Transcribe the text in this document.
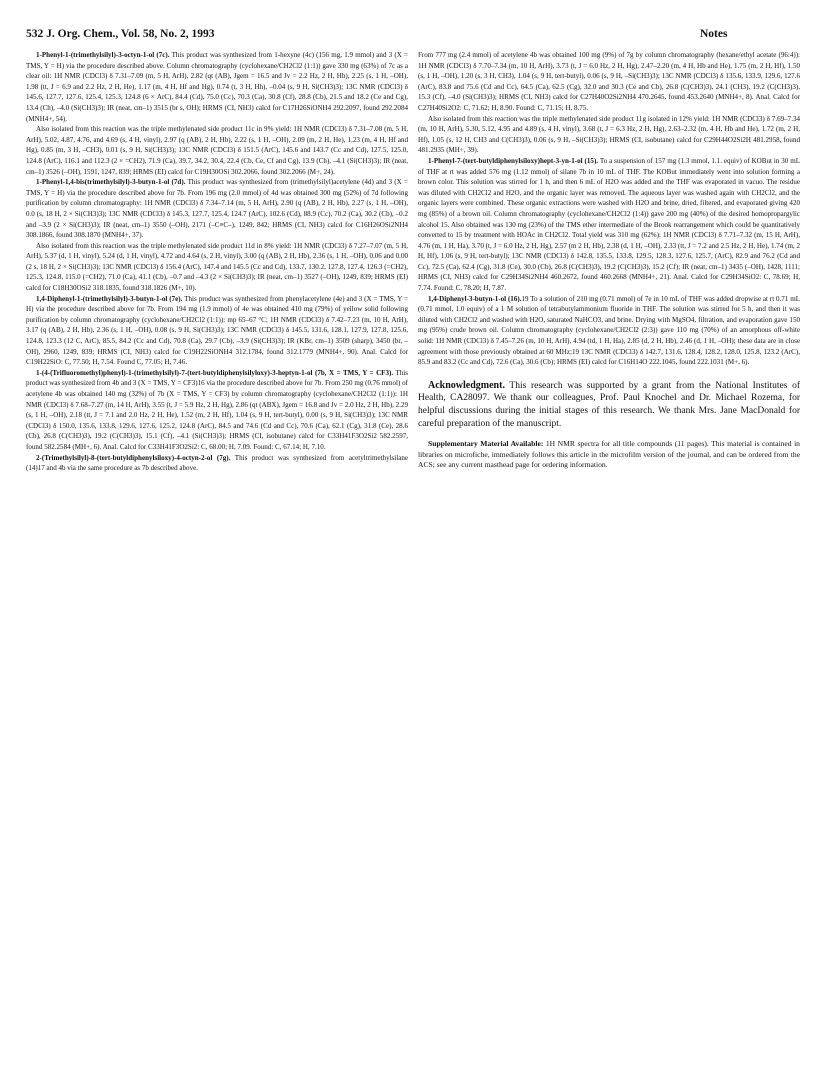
532 J. Org. Chem., Vol. 58, No. 2, 1993	Notes

1-Phenyl-1-(trimethylsilyl)-3-octyn-1-ol (7c). This product was synthesized from 1-hexyne (4c) (156 mg, 1.9 mmol) and 3 (X = TMS, Y = H) via the procedure described above. Column chromatography (cyclohexane/CH2Cl2 (1:1)) gave 330 mg (63%) of 7c as a clear oil: 1H NMR (CDCl3) δ 7.31–7.09 (m, 5 H, ArH), 2.82 (qt (AB), Jgem = 16.5 and Jv = 2.2 Hz, 2 H, Hb), 2.25 (s, 1 H, –OH), 1.98 (tt, J = 6.9 and 2.2 Hz, 2 H, He), 1.17 (m, 4 H, Hf and Hg), 0.74 (t, 3 H, Hh), –0.04 (s, 9 H, Si(CH3)3); 13C NMR (CDCl3) δ 145.6, 127.7, 127.6, 125.4, 125.3, 124.8 (6 × ArC), 84.4 (Cd), 75.0 (Cc), 70.3 (Ca), 30.8 (Cf), 28.8 (Cb), 21.5 and 18.2 (Ce and Cg), 13.4 (Ch), –4.0 (Si(CH3)3); IR (neat, cm–1) 3515 (br s, OH); HRMS (CI, NH3) calcd for C17H26SiONH4 292.2097, found 292.2084 (MNH4+, 54).

Also isolated from this reaction was the triple methylenated side product 11c in 9% yield: 1H NMR (CDCl3) δ 7.31–7.08 (m, 5 H, ArH), 5.02, 4.87, 4.76, and 4.69 (s, 4 H, vinyl), 2.97 (q (AB), 2 H, Hb), 2.22 (s, 1 H, –OH), 2.09 (m, 2 H, He), 1.23 (m, 4 H, Hf and Hg), 0.85 (m, 3 H, –CH3), 0.01 (s, 9 H, Si(CH3)3); 13C NMR (CDCl3) δ 151.5 (ArC), 145.6 and 143.7 (Cc and Cd), 127.5, 125.0, 124.8 (ArC), 116.1 and 112.3 (2 × =CH2), 71.9 (Ca), 39.7, 34.2, 30.4, 22.4 (Cb, Ce, Cf and Cg), 13.9 (Ch), –4.1 (Si(CH3)3); IR (neat, cm–1) 3526 (–OH), 1591, 1247, 839; HRMS (EI) calcd for C19H30OSi 302.2066, found 302.2066 (M+, 24).

1-Phenyl-1,4-bis(trimethylsilyl)-3-butyn-1-ol (7d). This product was synthesized from (trimethylsilyl)acetylene (4d) and 3 (X = TMS, Y = H) via the procedure described above for 7b. From 196 mg (2.0 mmol) of 4d was obtained 300 mg (52%) of 7d following purification by column chromatography: 1H NMR (CDCl3) δ 7.34–7.14 (m, 5 H, ArH), 2.90 (q (AB), 2 H, Hb), 2.27 (s, 1 H, –OH), 0.0 (s, 18 H, 2 × Si(CH3)3); 13C NMR (CDCl3) δ 145.3, 127.7, 125.4, 124.7 (ArC), 102.6 (Cd), 88.9 (Cc), 70.2 (Ca), 30.2 (Cb), –0.2 and –3.9 (2 × Si(CH3)3); IR (neat, cm–1) 3550 (–OH), 2171 (–C≡C–), 1249, 842; HRMS (CI, NH3) calcd for C16H26OSi2NH4 308.1866, found 308.1870 (MNH4+, 37).

Also isolated from this reaction was the triple methylenated side product 11d in 8% yield: 1H NMR (CDCl3) δ 7.27–7.07 (m, 5 H, ArH), 5.37 (d, 1 H, vinyl), 5.24 (d, 1 H, vinyl), 4.72 and 4.64 (s, 2 H, vinyl), 3.00 (q (AB), 2 H, Hb), 2.36 (s, 1 H, –OH), 0.06 and 0.00 (2 s, 18 H, 2 × Si(CH3)3); 13C NMR (CDCl3) δ 156.4 (ArC), 147.4 and 145.5 (Cc and Cd), 133.7, 130.2, 127.8, 127.4, 126.3 (=CH2), 125.3, 124.8, 115.0 (=CH2), 71.0 (Ca), 41.1 (Cb), –0.7 and –4.3 (2 × Si(CH3)3); IR (neat, cm–1) 3527 (–OH), 1249, 839; HRMS (EI) calcd for C18H30OSi2 318.1835, found 318.1826 (M+, 10).

1,4-Diphenyl-1-(trimethylsilyl)-3-butyn-1-ol (7e). This product was synthesized from phenylacetylene (4e) and 3 (X = TMS, Y = H) via the procedure described above for 7b. From 194 mg (1.9 mmol) of 4e was obtained 410 mg (79%) of yellow solid following purification by column chromatography (cyclohexane/CH2Cl2 (1:1)): mp 65–67 °C; 1H NMR (CDCl3) δ 7.42–7.23 (m, 10 H, ArH), 3.17 (q (AB), 2 H, Hb), 2.36 (s, 1 H, –OH), 0.08 (s, 9 H, Si(CH3)3); 13C NMR (CDCl3) δ 145.5, 131.6, 128.1, 127.9, 127.8, 125.6, 124.8, 123.3 (12 C, ArC), 85.5, 84.2 (Cc and Cd), 70.8 (Ca), 29.7 (Cb), –3.9 (Si(CH3)3); IR (KBr, cm–1) 3509 (sharp), 3450 (br, –OH), 2960, 1249, 839; HRMS (CI, NH3) calcd for C19H22SiONH4 312.1784, found 312.1779 (MNH4+, 90). Anal. Calcd for C19H22SiO: C, 77.50; H, 7.54. Found C, 77.05; H, 7.46.

1-(4-(Trifluoromethyl)phenyl)-1-(trimethylsilyl)-7-(tert-butyldiphenylsilyloxy)-3-heptyn-1-ol (7b, X = TMS, Y = CF3). This product was synthesized from 4b and 3 (X = TMS, Y = CF3)16 via the procedure described above for 7b. From 250 mg (0.76 mmol) of acetylene 4b was obtained 140 mg (32%) of 7b (X = TMS, Y = CF3) by column chromatography (cyclohexane/CH2Cl2 (1:1)): 1H NMR (CDCl3) δ 7.68–7.27 (m, 14 H, ArH), 3.55 (t, J = 5.9 Hz, 2 H, Hg), 2.86 (qt (ABX), Jgem = 16.8 and Jv = 2.0 Hz, 2 H, Hb), 2.29 (s, 1 H, –OH), 2.18 (tt, J = 7.1 and 2.0 Hz, 2 H, He), 1.52 (m, 2 H, Hf), 1.04 (s, 9 H, tert-butyl), 0.00 (s, 9 H, Si(CH3)3); 13C NMR (CDCl3) δ 150.0, 135.6, 133.8, 129.6, 127.6, 125.2, 124.8 (ArC), 84.5 and 74.6 (Cd and Cc), 70.6 (Ca), 62.1 (Cg), 31.8 (Ce), 28.6 (Cb), 26.8 (C(CH3)3), 19.2 (C(CH3)3), 15.1 (Cf), –4.1 (Si(CH3)3); HRMS (CI, isobutane) calcd for C33H41F3O2Si2 582.2597, found 582.2584 (MH+, 6). Anal. Calcd for C33H41F3O2Si2: C, 68.00; H, 7.09. Found: C, 67.14; H, 7.10.

2-(Trimethylsilyl)-8-(tert-butyldiphenylsiloxy)-4-octyn-2-ol (7g). This product was synthesized from acetyltrimethylsilane (14)17 and 4b via the same procedure as 7b described above.

From 777 mg (2.4 mmol) of acetylene 4b was obtained 100 mg (9%) of 7g by column chromatography (hexane/ethyl acetate (96:4)): 1H NMR (CDCl3) δ 7.70–7.34 (m, 10 H, ArH), 3.73 (t, J = 6.0 Hz, 2 H, Hg), 2.47–2.20 (m, 4 H, Hb and He), 1.75 (m, 2 H, Hf), 1.50 (s, 1 H, –OH), 1.20 (s, 3 H, CH3), 1.04 (s, 9 H, tert-butyl), 0.06 (s, 9 H, –Si(CH3)3); 13C NMR (CDCl3) δ 135.6, 133.9, 129.6, 127.6 (ArC), 83.8 and 75.6 (Cd and Cc), 64.5 (Ca), 62.5 (Cg), 32.0 and 30.3 (Ce and Cb), 26.8 (C(CH3)3), 24.1 (CH3), 19.2 (C(CH3)3), 15.3 (Cf), –4.0 (Si(CH3)3); HRMS (CI, NH3) calcd for C27H40O2Si2NH4 470.2645, found 453.2640 (MNH4+, 8). Anal. Calcd for C27H40Si2O2: C, 71.62; H, 8.90. Found: C, 71.15; H, 8.75.

Also isolated from this reaction was the triple methylenated side product 11g isolated in 12% yield: 1H NMR (CDCl3) δ 7.69–7.34 (m, 10 H, ArH), 5.30, 5.12, 4.95 and 4.89 (s, 4 H, vinyl), 3.68 (t, J = 6.3 Hz, 2 H, Hg), 2.63–2.32 (m, 4 H, Hb and He), 1.72 (m, 2 H, Hf), 1.05 (s, 12 H, CH3 and C(CH3)3), 0.06 (s, 9 H, –Si(CH3)3); HRMS (CI, isobutane) calcd for C29H44O2Si2H 481.2958, found 481.2935 (MH+, 39).

1-Phenyl-7-(tert-butyldiphenylsiloxy)hept-3-yn-1-ol (15). To a suspension of 157 mg (1.3 mmol, 1.1. equiv) of KOBut in 30 mL of THF at rt was added 576 mg (1.12 mmol) of silane 7b in 10 mL of THF. The KOBut immediately went into solution forming a brown color. This solution was stirred for 1 h, and then 6 mL of H2O was added and the THF was evaporated in vacuo. The residue was diluted with CH2Cl2 and H2O, and the organic layer was removed. The aqueous layer was washed again with CH2Cl2, and the organic layers were combined. These organic extractions were washed with H2O and brine, dried, filtered, and evaporated giving 420 mg (85%) of a brown oil. Column chromatography (cyclohexane/CH2Cl2 (1:4)) gave 200 mg (40%) of the desired homopropargylic alcohol 15. Also obtained was 130 mg (23%) of the TMS ether intermediate of the Brook rearrangement which could be quantitatively converted to 15 by treatment with HOAc in CH2Cl2. Total yield was 310 mg (62%): 1H NMR (CDCl3) δ 7.71–7.32 (m, 15 H, ArH), 4.76 (m, 1 H, Ha), 3.70 (t, J = 6.0 Hz, 2 H, Hg), 2.57 (m 2 H, Hb), 2.38 (d, 1 H, –OH), 2.33 (tt, J = 7.2 and 2.5 Hz, 2 H, He), 1.74 (m, 2 H, Hf), 1.06 (s, 9 H, tert-butyl); 13C NMR (CDCl3) δ 142.8, 135.5, 133.8, 129.5, 128.3, 127.6, 125.7, (ArC), 82.9 and 76.2 (Cd and Cc), 72.5 (Ca), 62.4 (Cg), 31.8 (Ce), 30.0 (Cb), 26.8 (C(CH3)3), 19.2 (C(CH3)3), 15.2 (Cf); IR (neat, cm–1) 3435 (–OH), 1428, 1111; HRMS (CI, NH3) calcd for C29H34Si2NH4 460.2672, found 460.2668 (MNH4+, 21). Anal. Calcd for C29H34SiO2: C, 78.69; H, 7.74. Found: C, 78.20; H, 7.87.

1,4-Diphenyl-3-butyn-1-ol (16).19 To a solution of 210 mg (0.71 mmol) of 7e in 10 mL of THF was added dropwise at rt 0.71 mL (0.71 mmol, 1.0 equiv) of a 1 M solution of tetrabutylammonium fluoride in THF. The solution was stirred for 5 h, and then it was diluted with CH2Cl2 and washed with H2O, saturated NaHCO3, and brine. Drying with MgSO4, filtration, and evaporation gave 150 mg (95%) crude brown oil. Column chromatography (cyclohexane/CH2Cl2 (2:3)) gave 110 mg (70%) of an amorphous off-white solid: 1H NMR (CDCl3) δ 7.45–7.26 (m, 10 H, ArH), 4.94 (td, 1 H, Ha), 2.85 (d, 2 H, Hb), 2.46 (d, 1 H, –OH); these data are in close agreement with those previously obtained at 60 MHz;19 13C NMR (CDCl3) δ 142.7, 131.6, 128.4, 128.2, 128.0, 125.8, 123.2 (ArC), 85.9 and 83.2 (Cc and Cd), 72.6 (Ca), 30.6 (Cb); HRMS (EI) calcd for C16H14O 222.1045, found 222.1031 (M+, 6).

Acknowledgment. This research was supported by a grant from the National Institutes of Health, CA28097. We thank our colleagues, Prof. Paul Knochel and Dr. Michael Rozema, for helpful discussions during the initial stages of this research. We thank Mrs. Jane MacDonald for careful preparation of the manuscript.

Supplementary Material Available: 1H NMR spectra for all title compounds (11 pages). This material is contained in libraries on microfiche, immediately follows this article in the microfilm version of the journal, and can be ordered from the ACS; see any current masthead page for ordering information.
